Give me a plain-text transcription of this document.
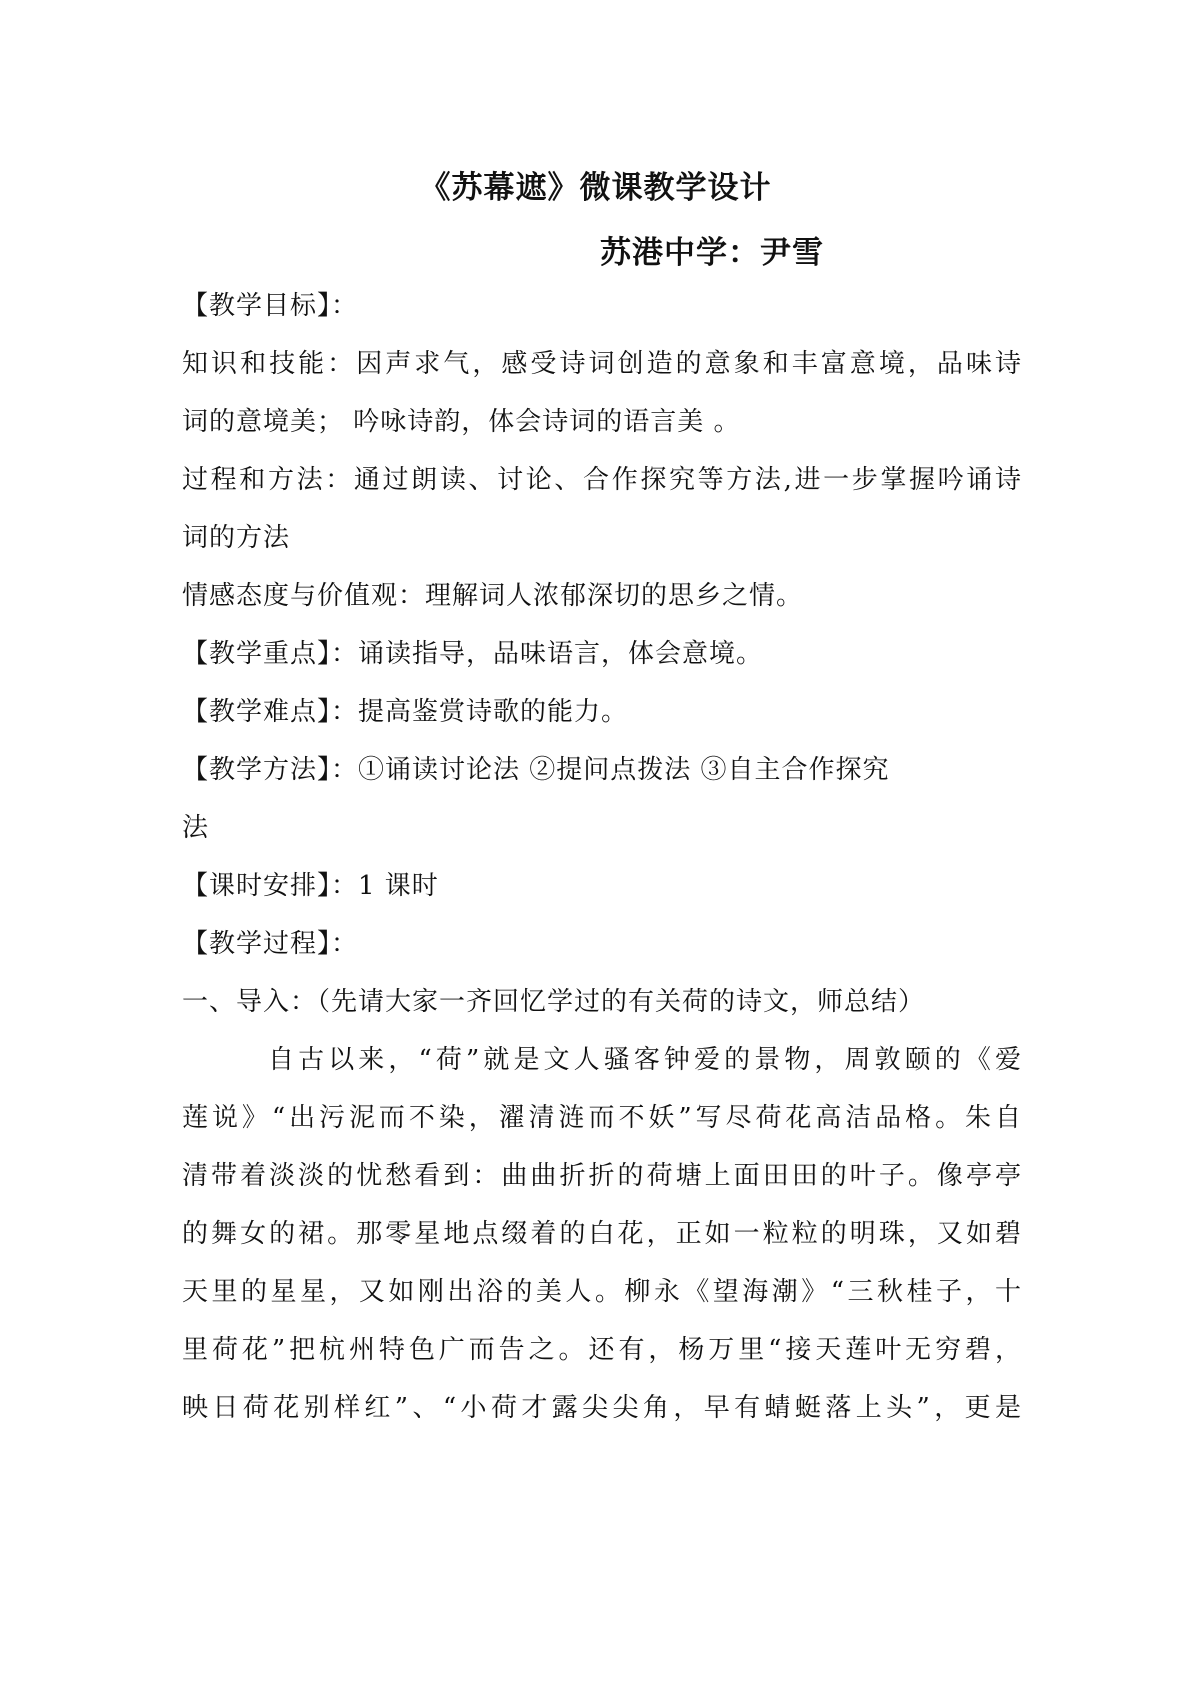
《苏幕遮》微课教学设计
苏港中学：尹雪
【教学目标】：
知识和技能：因声求气，感受诗词创造的意象和丰富意境，品味诗
词的意境美； 吟咏诗韵，体会诗词的语言美 。
过程和方法：通过朗读、讨论、合作探究等方法,进一步掌握吟诵诗
词的方法
情感态度与价值观：理解词人浓郁深切的思乡之情。
【教学重点】：诵读指导，品味语言，体会意境。
【教学难点】：提高鉴赏诗歌的能力。
【教学方法】：①诵读讨论法 ②提问点拨法 ③自主合作探究
法
【课时安排】：1 课时
【教学过程】：
一、导入：（先请大家一齐回忆学过的有关荷的诗文，师总结）
自古以来，“荷”就是文人骚客钟爱的景物，周敦颐的《爱
莲说》“出污泥而不染，濯清涟而不妖”写尽荷花高洁品格。朱自
清带着淡淡的忧愁看到：曲曲折折的荷塘上面田田的叶子。像亭亭
的舞女的裙。那零星地点缀着的白花，正如一粒粒的明珠，又如碧
天里的星星，又如刚出浴的美人。柳永《望海潮》“三秋桂子，十
里荷花”把杭州特色广而告之。还有，杨万里“接天莲叶无穷碧，
映日荷花别样红”、“小荷才露尖尖角，早有蜻蜓落上头”，更是
